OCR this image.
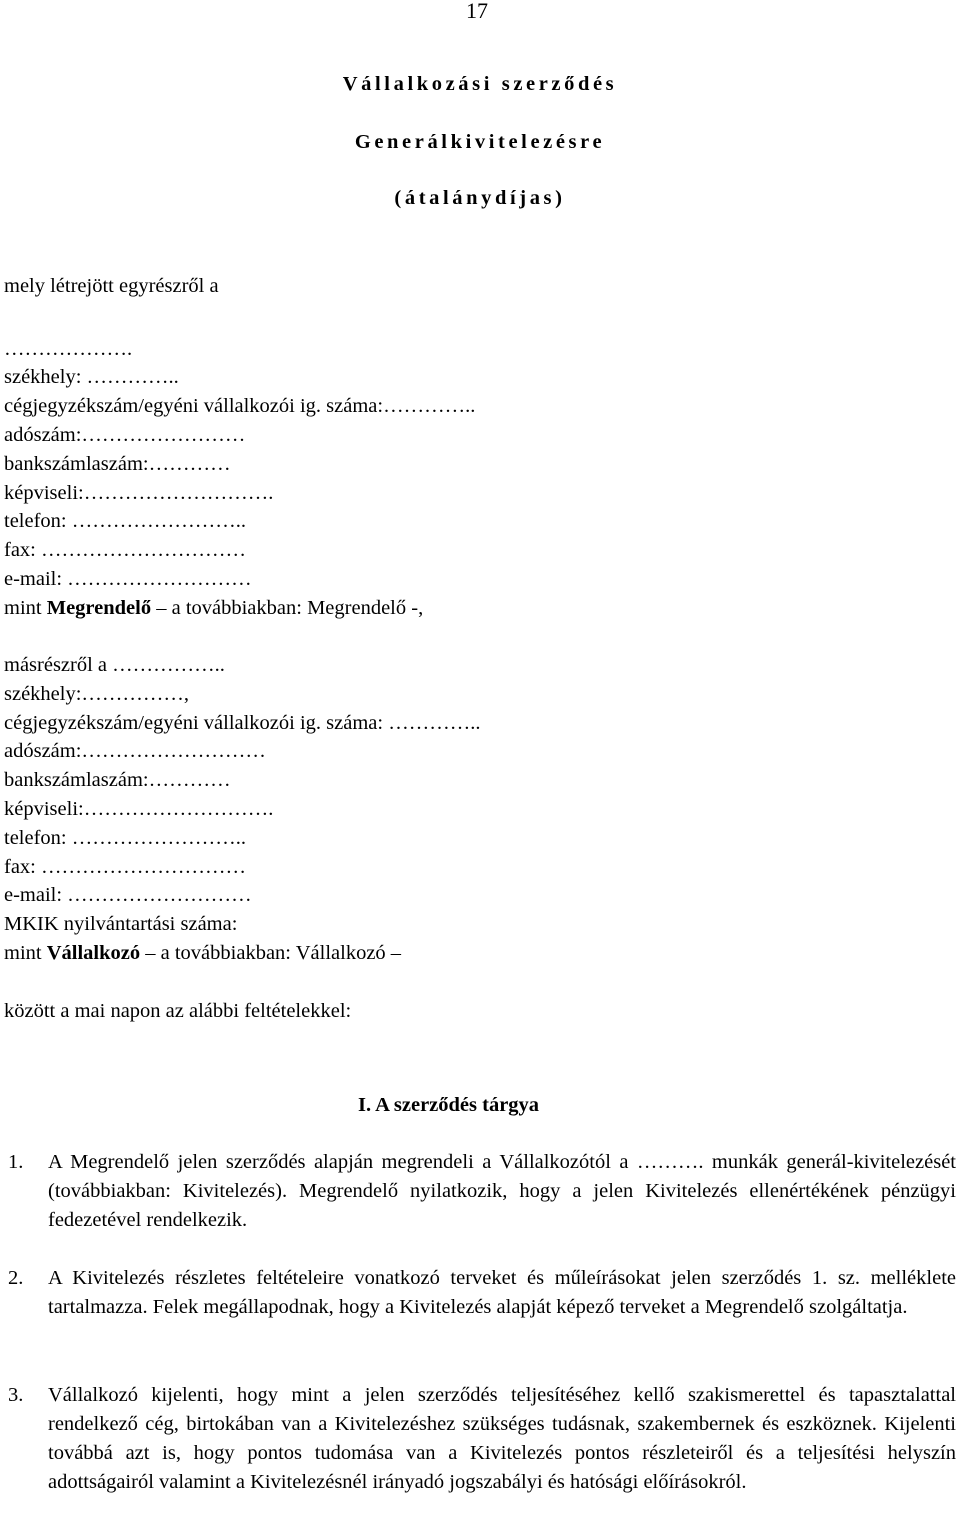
17
Vállalkozási szerződés
Generálkivitelezésre
(átalánydíjas)
mely létrejött egyrészről a
……………….
székhely: …………..
cégjegyzékszám/egyéni vállalkozói ig. száma:…………..
adószám:……………………
bankszámlaszám:…………
képviseli:……………………….
telefon: ……………………..
fax: …………………………
e-mail: ………………………
mint Megrendelő – a továbbiakban: Megrendelő -,
másrészről a ……………..
székhely:……………,
cégjegyzékszám/egyéni vállalkozói ig. száma: …………..
adószám:………………………
bankszámlaszám:…………
képviseli:……………………….
telefon: ……………………..
fax: …………………………
e-mail: ………………………
MKIK nyilvántartási száma:
mint Vállalkozó – a továbbiakban: Vállalkozó –
között a mai napon az alábbi feltételekkel:
I. A szerződés tárgya
1. A Megrendelő jelen szerződés alapján megrendeli a Vállalkozótól a ………. munkák generál-kivitelezését (továbbiakban: Kivitelezés). Megrendelő nyilatkozik, hogy a jelen Kivitelezés ellenértékének pénzügyi fedezetével rendelkezik.
2. A Kivitelezés részletes feltételeire vonatkozó terveket és műleírásokat jelen szerződés 1. sz. melléklete tartalmazza. Felek megállapodnak, hogy a Kivitelezés alapját képező terveket a Megrendelő szolgáltatja.
3. Vállalkozó kijelenti, hogy mint a jelen szerződés teljesítéséhez kellő szakismerettel és tapasztalattal rendelkező cég, birtokában van a Kivitelezéshez szükséges tudásnak, szakembernek és eszköznek. Kijelenti továbbá azt is, hogy pontos tudomása van a Kivitelezés pontos részleteiről és a teljesítési helyszín adottságairól valamint a Kivitelezésnél irányadó jogszabályi és hatósági előírásokról.
